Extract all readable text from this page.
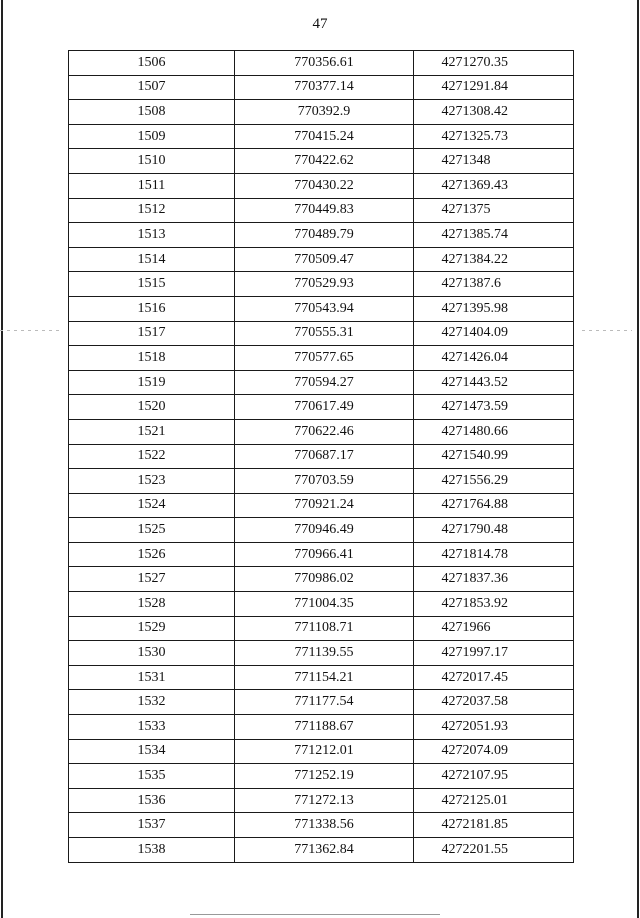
47
1506	770356.61	4271270.35
1507	770377.14	4271291.84
1508	770392.9	4271308.42
1509	770415.24	4271325.73
1510	770422.62	4271348
1511	770430.22	4271369.43
1512	770449.83	4271375
1513	770489.79	4271385.74
1514	770509.47	4271384.22
1515	770529.93	4271387.6
1516	770543.94	4271395.98
1517	770555.31	4271404.09
1518	770577.65	4271426.04
1519	770594.27	4271443.52
1520	770617.49	4271473.59
1521	770622.46	4271480.66
1522	770687.17	4271540.99
1523	770703.59	4271556.29
1524	770921.24	4271764.88
1525	770946.49	4271790.48
1526	770966.41	4271814.78
1527	770986.02	4271837.36
1528	771004.35	4271853.92
1529	771108.71	4271966
1530	771139.55	4271997.17
1531	771154.21	4272017.45
1532	771177.54	4272037.58
1533	771188.67	4272051.93
1534	771212.01	4272074.09
1535	771252.19	4272107.95
1536	771272.13	4272125.01
1537	771338.56	4272181.85
1538	771362.84	4272201.55
